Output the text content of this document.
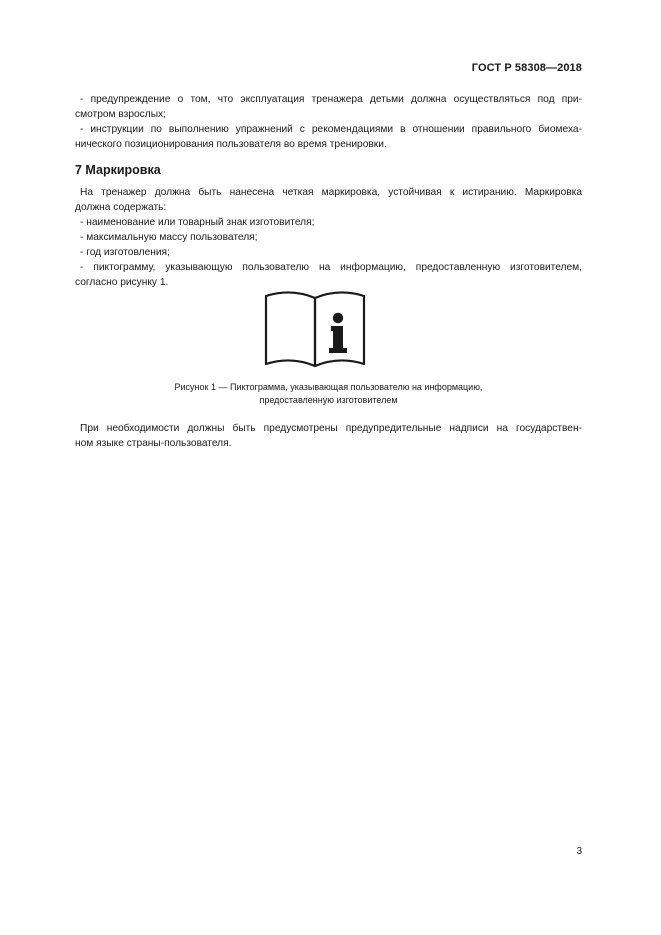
ГОСТ Р 58308—2018
- предупреждение о том, что эксплуатация тренажера детьми должна осуществляться под при-
смотром взрослых;
- инструкции по выполнению упражнений с рекомендациями в отношении правильного биомеха-
нического позиционирования пользователя во время тренировки.
7 Маркировка
На тренажер должна быть нанесена четкая маркировка, устойчивая к истиранию. Маркировка
должна содержать:
- наименование или товарный знак изготовителя;
- максимальную массу пользователя;
- год изготовления;
- пиктограмму, указывающую пользователю на информацию, предоставленную изготовителем,
согласно рисунку 1.
Рисунок 1 — Пиктограмма, указывающая пользователю на информацию,
предоставленную изготовителем
При необходимости должны быть предусмотрены предупредительные надписи на государствен-
ном языке страны-пользователя.
3
